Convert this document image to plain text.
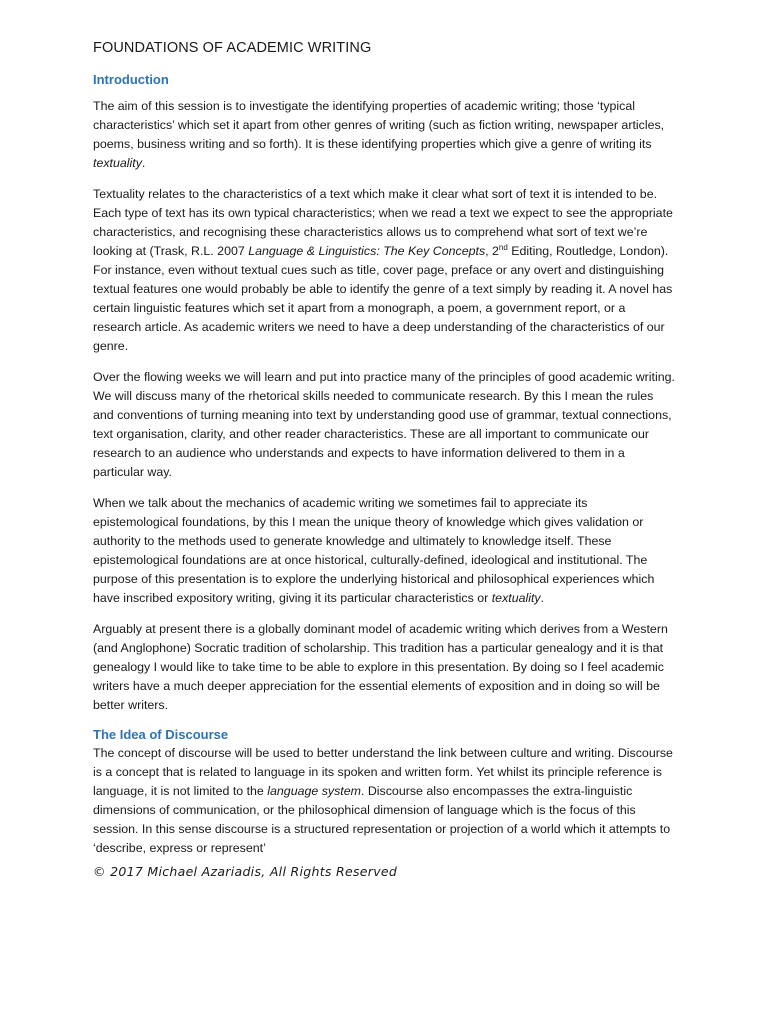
FOUNDATIONS OF ACADEMIC WRITING
Introduction

The aim of this session is to investigate the identifying properties of academic writing; those ‘typical characteristics’ which set it apart from other genres of writing (such as fiction writing, newspaper articles, poems, business writing and so forth). It is these identifying properties which give a genre of writing its textuality.

Textuality relates to the characteristics of a text which make it clear what sort of text it is intended to be. Each type of text has its own typical characteristics; when we read a text we expect to see the appropriate characteristics, and recognising these characteristics allows us to comprehend what sort of text we’re looking at (Trask, R.L. 2007 Language & Linguistics: The Key Concepts, 2nd Editing, Routledge, London). For instance, even without textual cues such as title, cover page, preface or any overt and distinguishing textual features one would probably be able to identify the genre of a text simply by reading it. A novel has certain linguistic features which set it apart from a monograph, a poem, a government report, or a research article. As academic writers we need to have a deep understanding of the characteristics of our genre.

Over the flowing weeks we will learn and put into practice many of the principles of good academic writing. We will discuss many of the rhetorical skills needed to communicate research. By this I mean the rules and conventions of turning meaning into text by understanding good use of grammar, textual connections, text organisation, clarity, and other reader characteristics. These are all important to communicate our research to an audience who understands and expects to have information delivered to them in a particular way.

When we talk about the mechanics of academic writing we sometimes fail to appreciate its epistemological foundations, by this I mean the unique theory of knowledge which gives validation or authority to the methods used to generate knowledge and ultimately to knowledge itself. These epistemological foundations are at once historical, culturally-defined, ideological and institutional. The purpose of this presentation is to explore the underlying historical and philosophical experiences which have inscribed expository writing, giving it its particular characteristics or textuality.

Arguably at present there is a globally dominant model of academic writing which derives from a Western (and Anglophone) Socratic tradition of scholarship. This tradition has a particular genealogy and it is that genealogy I would like to take time to be able to explore in this presentation. By doing so I feel academic writers have a much deeper appreciation for the essential elements of exposition and in doing so will be better writers.

The Idea of Discourse

The concept of discourse will be used to better understand the link between culture and writing. Discourse is a concept that is related to language in its spoken and written form. Yet whilst its principle reference is language, it is not limited to the language system. Discourse also encompasses the extra-linguistic dimensions of communication, or the philosophical dimension of language which is the focus of this session. In this sense discourse is a structured representation or projection of a world which it attempts to ‘describe, express or represent’

© 2017 Michael Azariadis, All Rights Reserved
